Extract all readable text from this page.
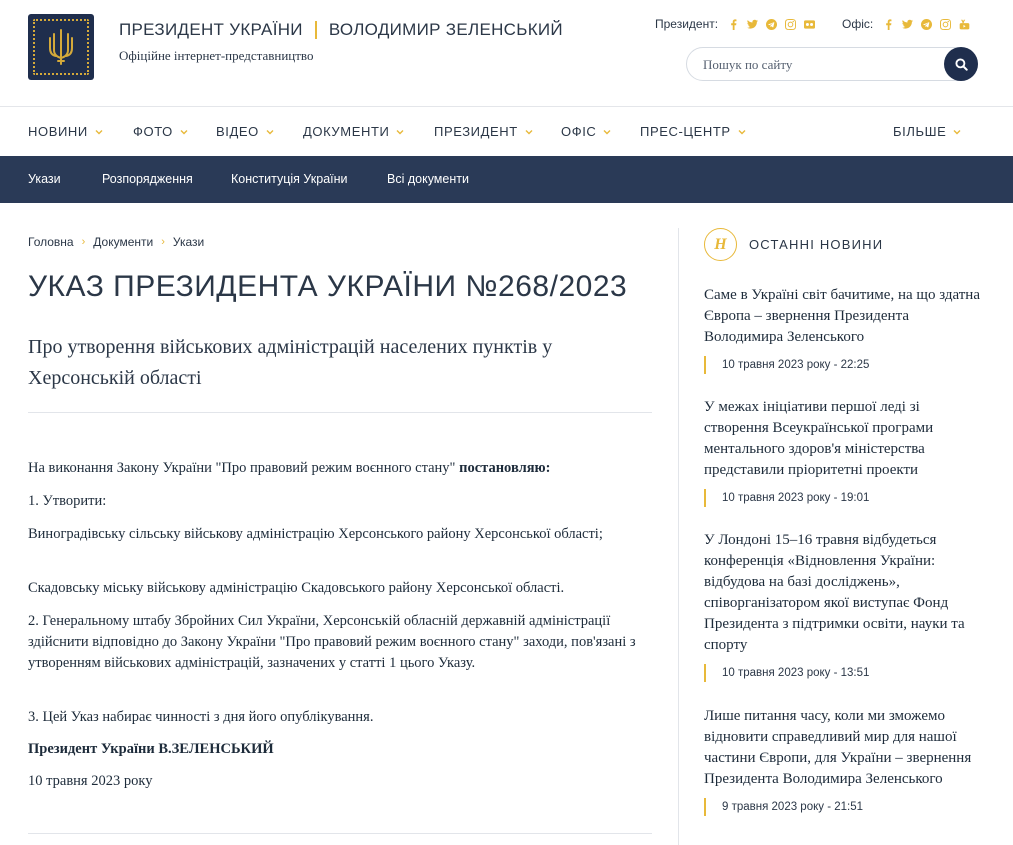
ПРЕЗИДЕНТ УКРАЇНИ ВОЛОДИМИР ЗЕЛЕНСЬКИЙ
Офіційне інтернет-представництво
Президент:	Офіс:
Пошук по сайту
НОВИНИ	ФОТО	ВІДЕО	ДОКУМЕНТИ	ПРЕЗИДЕНТ	ОФІС	ПРЕС-ЦЕНТР	БІЛЬШЕ
Укази	Розпорядження	Конституція України	Всі документи
Головна › Документи › Укази
УКАЗ ПРЕЗИДЕНТА УКРАЇНИ №268/2023
Про утворення військових адміністрацій населених пунктів у Херсонській області
На виконання Закону України "Про правовий режим воєнного стану" постановляю:
1. Утворити:
Виноградівську сільську військову адміністрацію Херсонського району Херсонської області;
Скадовську міську військову адміністрацію Скадовського району Херсонської області.
2. Генеральному штабу Збройних Сил України, Херсонській обласній державній адміністрації здійснити відповідно до Закону України "Про правовий режим воєнного стану" заходи, пов'язані з утворенням військових адміністрацій, зазначених у статті 1 цього Указу.
3. Цей Указ набирає чинності з дня його опублікування.
Президент України В.ЗЕЛЕНСЬКИЙ
10 травня 2023 року
Н	ОСТАННІ НОВИНИ
Саме в Україні світ бачитиме, на що здатна Європа – звернення Президента Володимира Зеленського
10 травня 2023 року - 22:25
У межах ініціативи першої леді зі створення Всеукраїнської програми ментального здоров'я міністерства представили пріоритетні проекти
10 травня 2023 року - 19:01
У Лондоні 15–16 травня відбудеться конференція «Відновлення України: відбудова на базі досліджень», співорганізатором якої виступає Фонд Президента з підтримки освіти, науки та спорту
10 травня 2023 року - 13:51
Лише питання часу, коли ми зможемо відновити справедливий мир для нашої частини Європи, для України – звернення Президента Володимира Зеленського
9 травня 2023 року - 21:51
